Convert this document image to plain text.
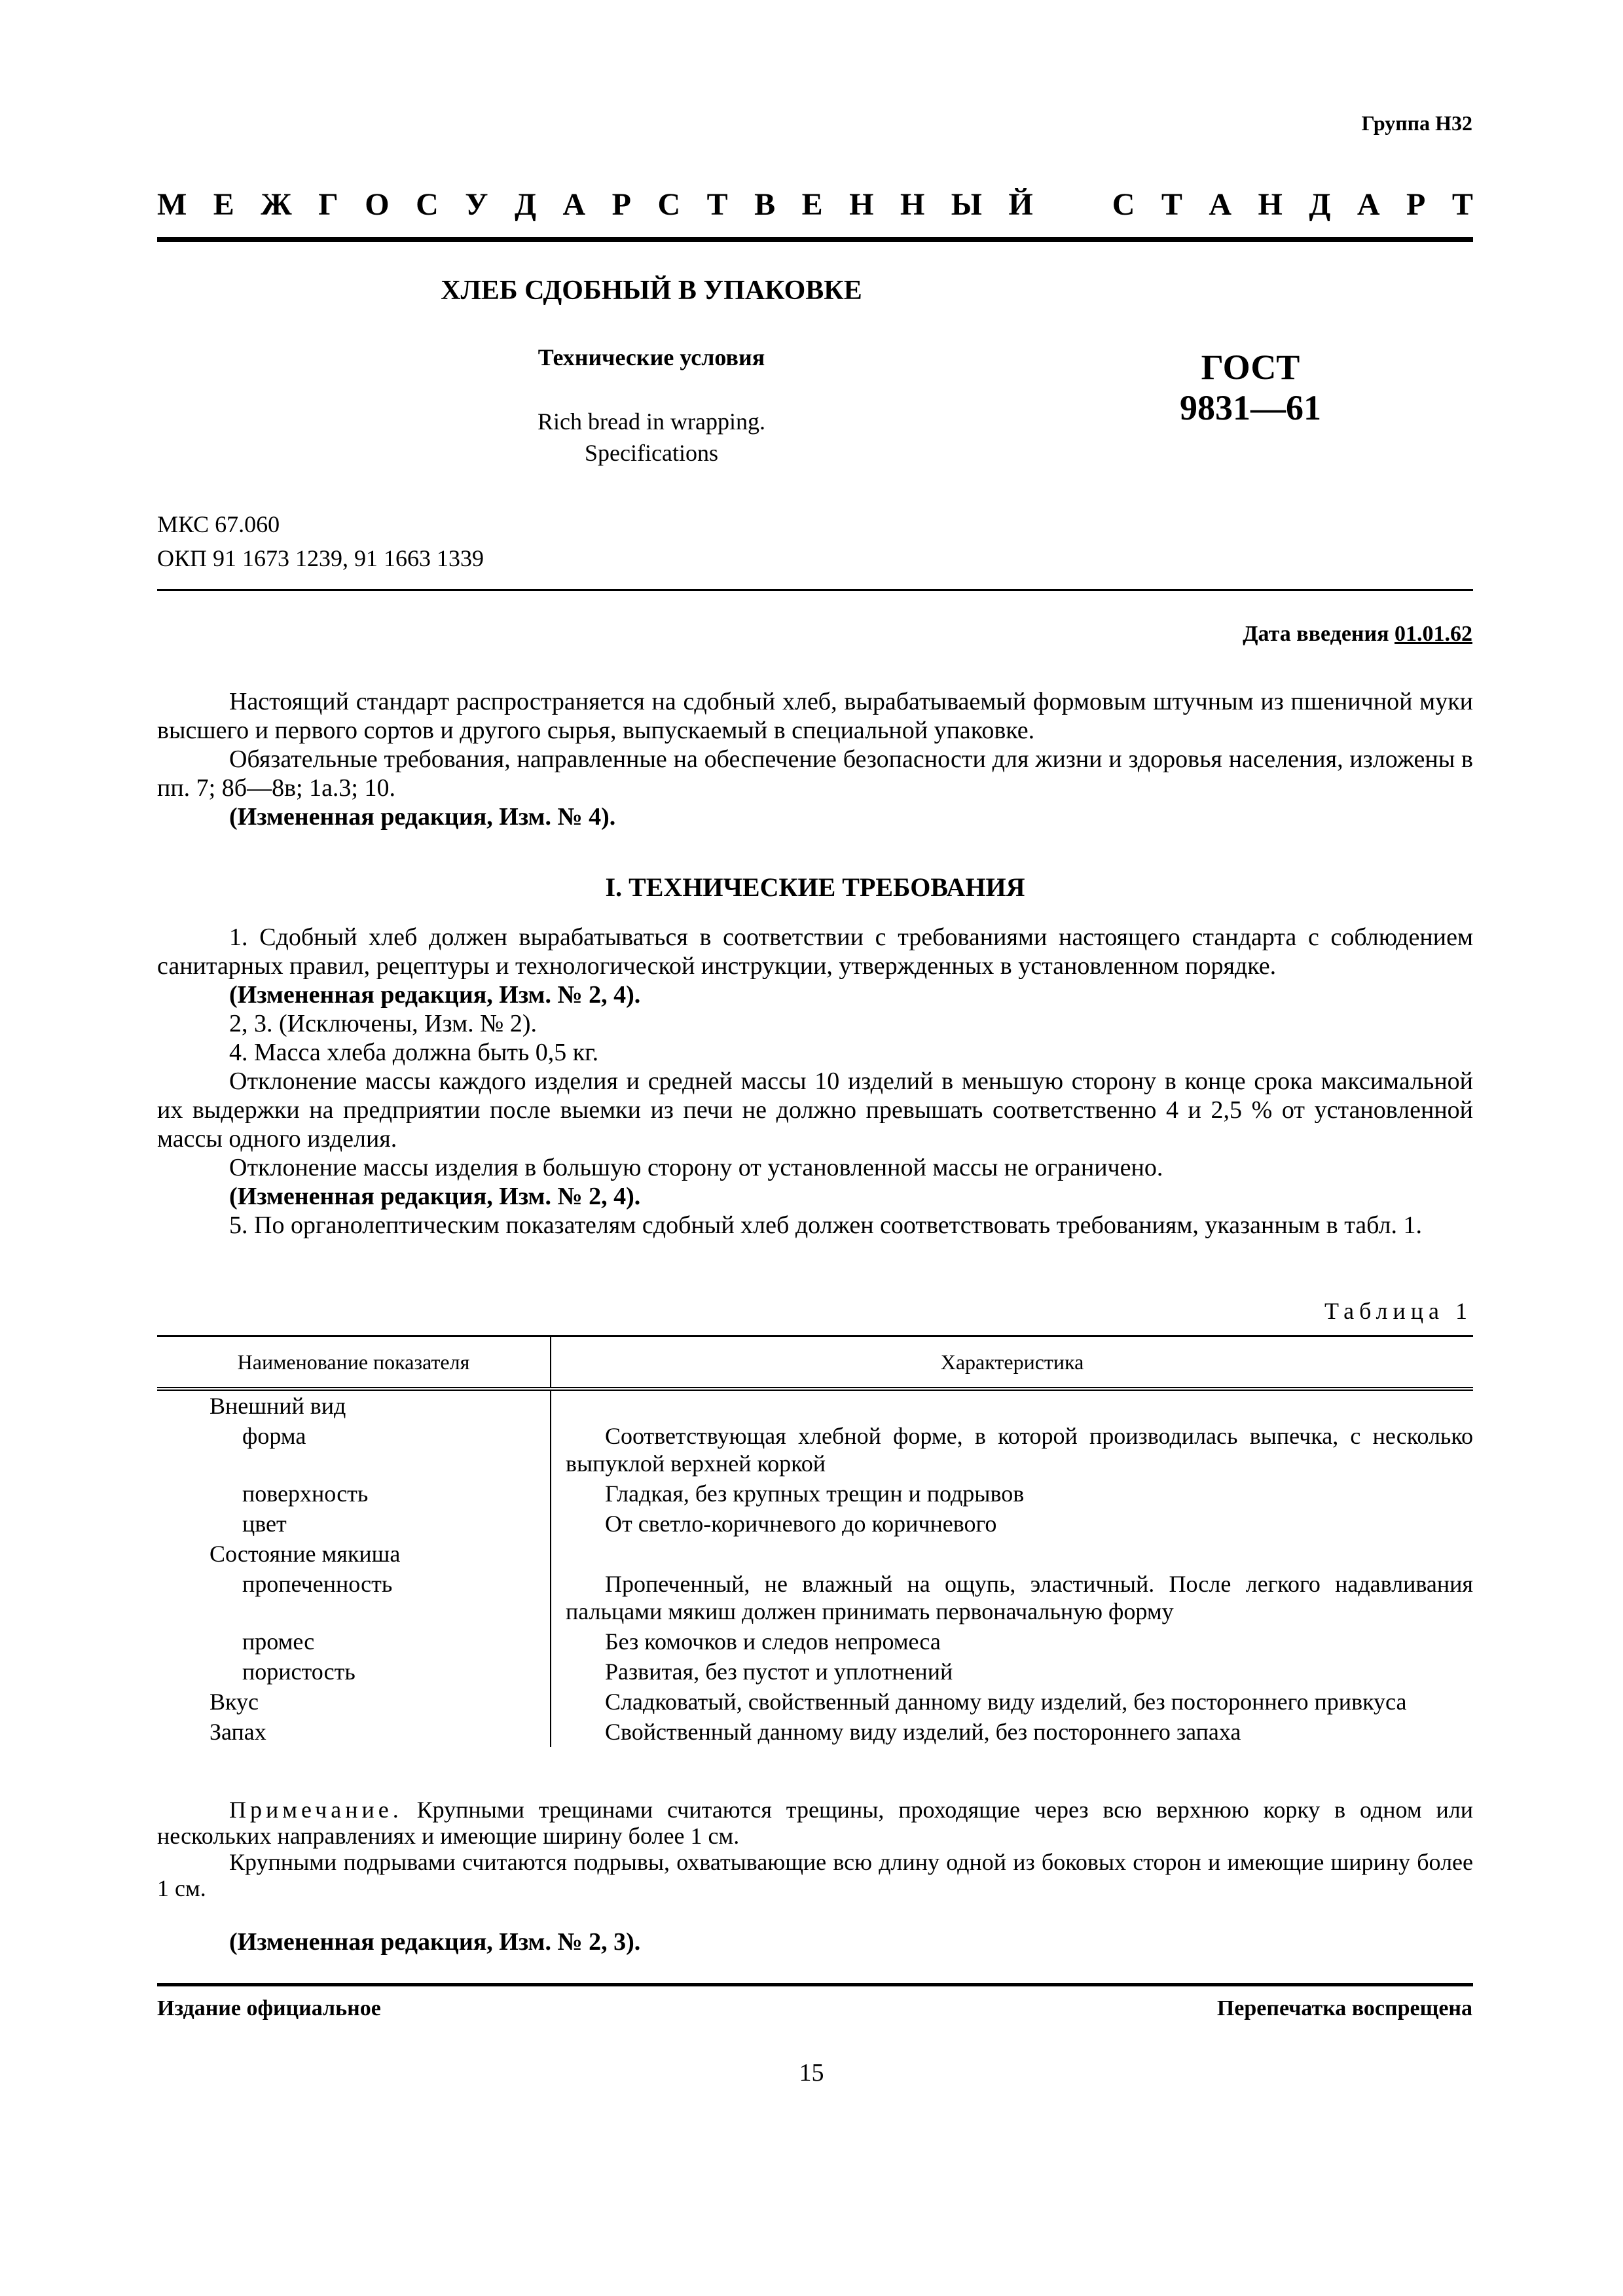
Группа Н32
М Е Ж Г О С У Д А Р С Т В Е Н Н Ы Й	С Т А Н Д А Р Т
ХЛЕБ СДОБНЫЙ В УПАКОВКЕ
Технические условия
Rich bread in wrapping.
Specifications
ГОСТ
9831—61
МКС 67.060
ОКП 91 1673 1239, 91 1663 1339
Дата введения 01.01.62

Настоящий стандарт распространяется на сдобный хлеб, вырабатываемый формовым штучным из пшеничной муки высшего и первого сортов и другого сырья, выпускаемый в специальной упаковке.

Обязательные требования, направленные на обеспечение безопасности для жизни и здоровья населения, изложены в пп. 7; 8б—8в; 1а.3; 10.

(Измененная редакция, Изм. № 4).

I. ТЕХНИЧЕСКИЕ ТРЕБОВАНИЯ

1. Сдобный хлеб должен вырабатываться в соответствии с требованиями настоящего стандарта с соблюдением санитарных правил, рецептуры и технологической инструкции, утвержденных в установленном порядке.

(Измененная редакция, Изм. № 2, 4).

2, 3. (Исключены, Изм. № 2).

4. Масса хлеба должна быть 0,5 кг.

Отклонение массы каждого изделия и средней массы 10 изделий в меньшую сторону в конце срока максимальной их выдержки на предприятии после выемки из печи не должно превышать соответственно 4 и 2,5 % от установленной массы одного изделия.

Отклонение массы изделия в большую сторону от установленной массы не ограничено.

(Измененная редакция, Изм. № 2, 4).

5. По органолептическим показателям сдобный хлеб должен соответствовать требованиям, указанным в табл. 1.

Таблица 1
Наименование показателя	Характеристика
Внешний вид	

форма	Соответствующая хлебной форме, в которой производилась выпечка, с несколько выпуклой верхней коркой

поверхность	Гладкая, без крупных трещин и подрывов

цвет	От светло-коричневого до коричневого

Состояние мякиша	

пропеченность	Пропеченный, не влажный на ощупь, эластичный. После легкого надавливания пальцами мякиш должен принимать первоначальную форму

промес	Без комочков и следов непромеса

пористость	Развитая, без пустот и уплотнений

Вкус	Сладковатый, свойственный данному виду изделий, без постороннего привкуса

Запах	Свойственный данному виду изделий, без постороннего запаха

Примечание. Крупными трещинами считаются трещины, проходящие через всю верхнюю корку в одном или нескольких направлениях и имеющие ширину более 1 см.

Крупными подрывами считаются подрывы, охватывающие всю длину одной из боковых сторон и имеющие ширину более 1 см.

(Измененная редакция, Изм. № 2, 3).

Издание официальное	Перепечатка воспрещена
15
